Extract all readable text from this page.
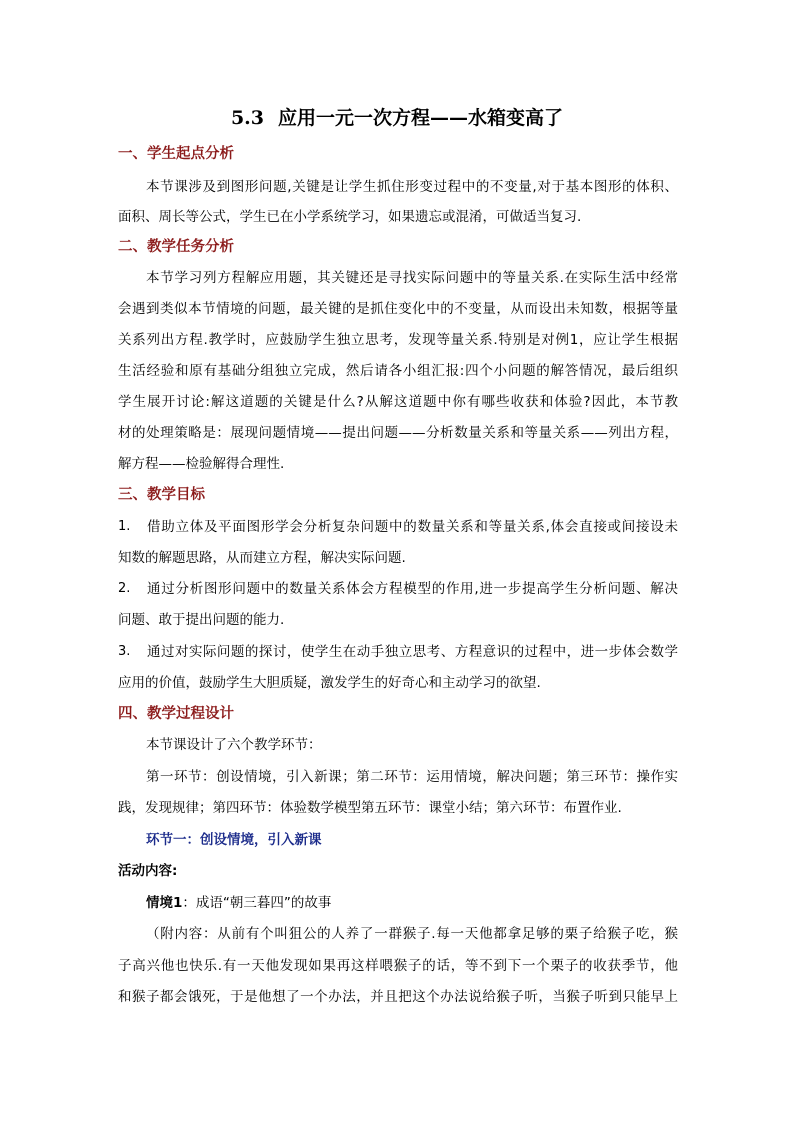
5.3 应用一元一次方程——水箱变高了
一、学生起点分析
本节课涉及到图形问题,关键是让学生抓住形变过程中的不变量,对于基本图形的体积、
面积、周长等公式，学生已在小学系统学习，如果遗忘或混淆，可做适当复习.
二、教学任务分析
本节学习列方程解应用题，其关键还是寻找实际问题中的等量关系.在实际生活中经常
会遇到类似本节情境的问题，最关键的是抓住变化中的不变量，从而设出未知数，根据等量
关系列出方程.教学时，应鼓励学生独立思考，发现等量关系.特别是对例1，应让学生根据
生活经验和原有基础分组独立完成，然后请各小组汇报:四个小问题的解答情况，最后组织
学生展开讨论:解这道题的关键是什么?从解这道题中你有哪些收获和体验?因此，本节教
材的处理策略是：展现问题情境——提出问题——分析数量关系和等量关系——列出方程，
解方程——检验解得合理性.
三、教学目标
1. 借助立体及平面图形学会分析复杂问题中的数量关系和等量关系,体会直接或间接设未
知数的解题思路，从而建立方程，解决实际问题.
2. 通过分析图形问题中的数量关系体会方程模型的作用,进一步提高学生分析问题、解决
问题、敢于提出问题的能力.
3. 通过对实际问题的探讨，使学生在动手独立思考、方程意识的过程中，进一步体会数学
应用的价值，鼓励学生大胆质疑，激发学生的好奇心和主动学习的欲望.
四、教学过程设计
本节课设计了六个教学环节：
第一环节：创设情境，引入新课；第二环节：运用情境，解决问题；第三环节：操作实
践，发现规律；第四环节：体验数学模型第五环节：课堂小结；第六环节：布置作业.
环节一：创设情境，引入新课
活动内容:
情境1：成语“朝三暮四”的故事
（附内容：从前有个叫狙公的人养了一群猴子.每一天他都拿足够的栗子给猴子吃，猴
子高兴他也快乐.有一天他发现如果再这样喂猴子的话，等不到下一个栗子的收获季节，他
和猴子都会饿死，于是他想了一个办法，并且把这个办法说给猴子听，当猴子听到只能早上
